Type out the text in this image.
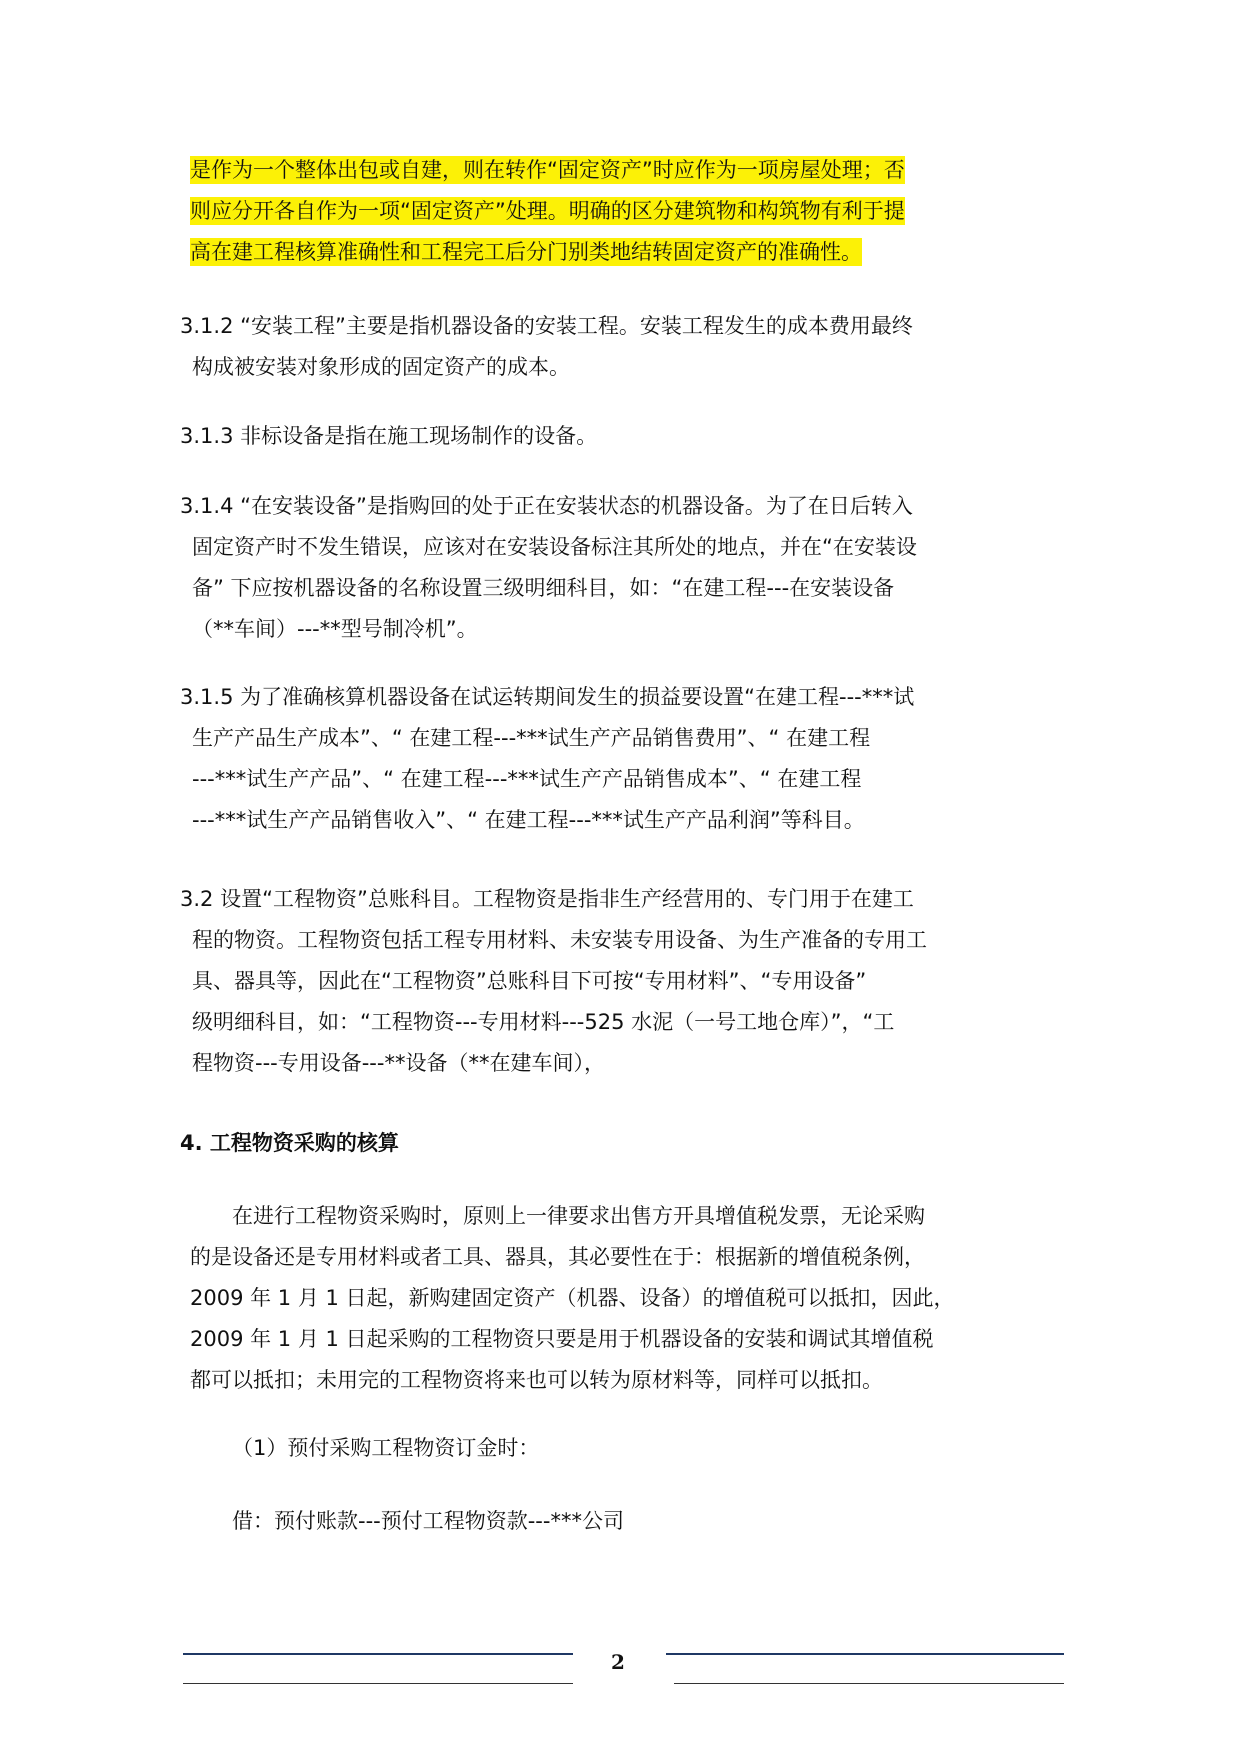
是作为一个整体出包或自建，则在转作“固定资产”时应作为一项房屋处理；否
则应分开各自作为一项“固定资产”处理。明确的区分建筑物和构筑物有利于提
高在建工程核算准确性和工程完工后分门别类地结转固定资产的准确性。
3.1.2 “安装工程”主要是指机器设备的安装工程。安装工程发生的成本费用最终
构成被安装对象形成的固定资产的成本。
3.1.3 非标设备是指在施工现场制作的设备。
3.1.4 “在安装设备”是指购回的处于正在安装状态的机器设备。为了在日后转入
固定资产时不发生错误，应该对在安装设备标注其所处的地点，并在“在安装设
备” 下应按机器设备的名称设置三级明细科目，如：“在建工程---在安装设备
（**车间）---**型号制冷机”。
3.1.5 为了准确核算机器设备在试运转期间发生的损益要设置“在建工程---***试
生产产品生产成本”、“ 在建工程---***试生产产品销售费用”、“ 在建工程
---***试生产产品”、“ 在建工程---***试生产产品销售成本”、“ 在建工程
---***试生产产品销售收入”、“ 在建工程---***试生产产品利润”等科目。
3.2 设置“工程物资”总账科目。工程物资是指非生产经营用的、专门用于在建工
程的物资。工程物资包括工程专用材料、未安装专用设备、为生产准备的专用工
具、器具等，因此在“工程物资”总账科目下可按“专用材料”、“专用设备”
级明细科目，如：“工程物资---专用材料---525 水泥（一号工地仓库）”，“工
程物资---专用设备---**设备（**在建车间），
4. 工程物资采购的核算
在进行工程物资采购时，原则上一律要求出售方开具增值税发票，无论采购
的是设备还是专用材料或者工具、器具，其必要性在于：根据新的增值税条例，
2009 年 1 月 1 日起，新购建固定资产（机器、设备）的增值税可以抵扣，因此，
2009 年 1 月 1 日起采购的工程物资只要是用于机器设备的安装和调试其增值税
都可以抵扣；未用完的工程物资将来也可以转为原材料等，同样可以抵扣。
（1）预付采购工程物资订金时：
借：预付账款---预付工程物资款---***公司
2
